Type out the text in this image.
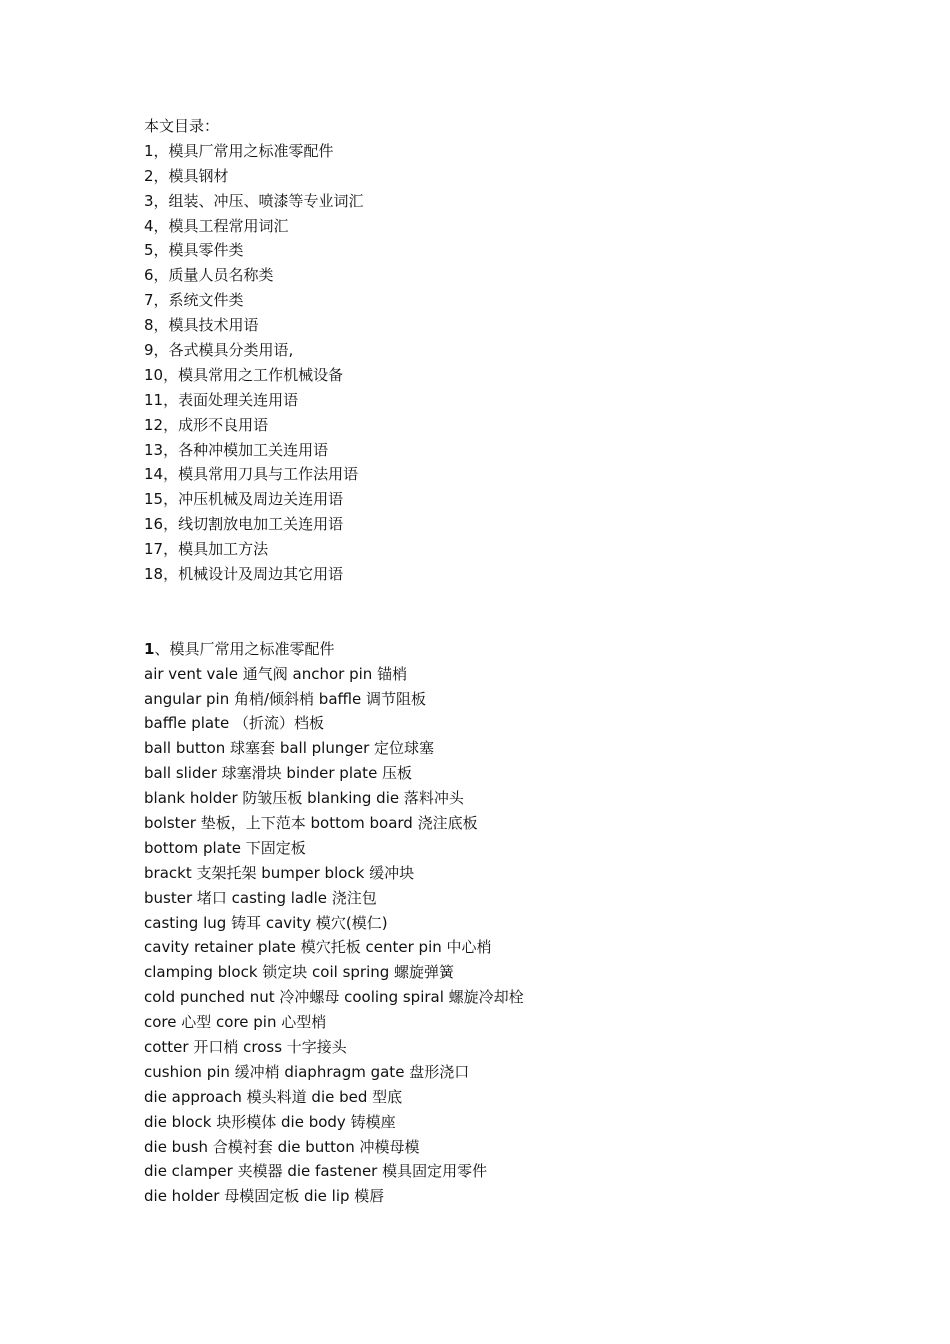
本文目录：
1，模具厂常用之标准零配件
2，模具钢材
3，组装、冲压、喷漆等专业词汇
4，模具工程常用词汇
5，模具零件类
6，质量人员名称类
7，系统文件类
8，模具技术用语
9，各式模具分类用语,
10，模具常用之工作机械设备
11，表面处理关连用语
12，成形不良用语
13，各种冲模加工关连用语
14，模具常用刀具与工作法用语
15，冲压机械及周边关连用语
16，线切割放电加工关连用语
17，模具加工方法
18，机械设计及周边其它用语
1、模具厂常用之标准零配件
air vent vale 通气阀 anchor pin 锚梢
angular pin 角梢/倾斜梢 baffle 调节阻板
baffle plate （折流）档板
ball button 球塞套 ball plunger 定位球塞
ball slider 球塞滑块 binder plate 压板
blank holder 防皱压板 blanking die 落料冲头
bolster 垫板，上下范本 bottom board 浇注底板
bottom plate 下固定板
brackt 支架托架 bumper block 缓冲块
buster 堵口 casting ladle 浇注包
casting lug 铸耳 cavity 模穴(模仁)
cavity retainer plate 模穴托板 center pin 中心梢
clamping block 锁定块 coil spring 螺旋弹簧
cold punched nut 冷冲螺母 cooling spiral 螺旋冷却栓
core 心型 core pin 心型梢
cotter 开口梢 cross 十字接头
cushion pin 缓冲梢 diaphragm gate 盘形浇口
die approach 模头料道 die bed 型底
die block 块形模体 die body 铸模座
die bush 合模衬套 die button 冲模母模
die clamper 夹模器 die fastener 模具固定用零件
die holder 母模固定板 die lip 模唇
